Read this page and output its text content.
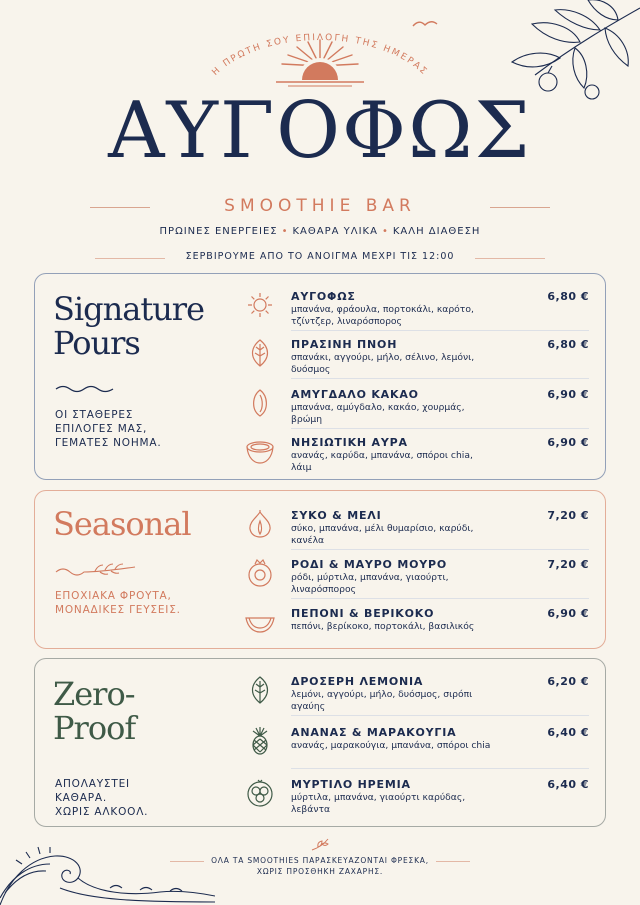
Η ΠΡΩΤΗ ΣΟΥ ΕΠΙΛΟΓΗ ΤΗΣ ΗΜΕΡΑΣ
ΑΥΓΟΦΩΣ
SMOOTHIE BAR
ΠΡΩΙΝΕΣ ΕΝΕΡΓΕΙΕΣ • ΚΑΘΑΡΑ ΥΛΙΚΑ • ΚΑΛΗ ΔΙΑΘΕΣΗ
ΣΕΡΒΙΡΟΥΜΕ ΑΠΟ ΤΟ ΑΝΟΙΓΜΑ ΜΕΧΡΙ ΤΙΣ 12:00
Signature
Pours
ΟΙ ΣΤΑΘΕΡΕΣ
ΕΠΙΛΟΓΕΣ ΜΑΣ,
ΓΕΜΑΤΕΣ ΝΟΗΜΑ.
ΑΥΓΟΦΩΣ
μπανάνα, φράουλα, πορτοκάλι, καρότο, τζίντζερ, λιναρόσπορος
6,80 €
ΠΡΑΣΙΝΗ ΠΝΟΗ
σπανάκι, αγγούρι, μήλο, σέλινο, λεμόνι, δυόσμος
6,80 €
ΑΜΥΓΔΑΛΟ ΚΑΚΑΟ
μπανάνα, αμύγδαλο, κακάο, χουρμάς, βρώμη
6,90 €
ΝΗΣΙΩΤΙΚΗ ΑΥΡΑ
ανανάς, καρύδα, μπανάνα, σπόροι chia, λάιμ
6,90 €
Seasonal
ΕΠΟΧΙΑΚΑ ΦΡΟΥΤΑ,
ΜΟΝΑΔΙΚΕΣ ΓΕΥΣΕΙΣ.
ΣΥΚΟ & ΜΕΛΙ
σύκο, μπανάνα, μέλι θυμαρίσιο, καρύδι, κανέλα
7,20 €
ΡΟΔΙ & ΜΑΥΡΟ ΜΟΥΡΟ
ρόδι, μύρτιλα, μπανάνα, γιαούρτι, λιναρόσπορος
7,20 €
ΠΕΠΟΝΙ & ΒΕΡΙΚΟΚΟ
πεπόνι, βερίκοκο, πορτοκάλι, βασιλικός
6,90 €
Zero-
Proof
ΑΠΟΛΑΥΣΤΕΙ
ΚΑΘΑΡΑ.
ΧΩΡΙΣ ΑΛΚΟΟΛ.
ΔΡΟΣΕΡΗ ΛΕΜΟΝΙΑ
λεμόνι, αγγούρι, μήλο, δυόσμος, σιρόπι αγαύης
6,20 €
ΑΝΑΝΑΣ & ΜΑΡΑΚΟΥΓΙΑ
ανανάς, μαρακούγια, μπανάνα, σπόροι chia
6,40 €
ΜΥΡΤΙΛΟ ΗΡΕΜΙΑ
μύρτιλα, μπανάνα, γιαούρτι καρύδας, λεβάντα
6,40 €
ΟΛΑ ΤΑ SMOOTHIES ΠΑΡΑΣΚΕΥΑΖΟΝΤΑΙ ΦΡΕΣΚΑ,
ΧΩΡΙΣ ΠΡΟΣΘΗΚΗ ΖΑΧΑΡΗΣ.
